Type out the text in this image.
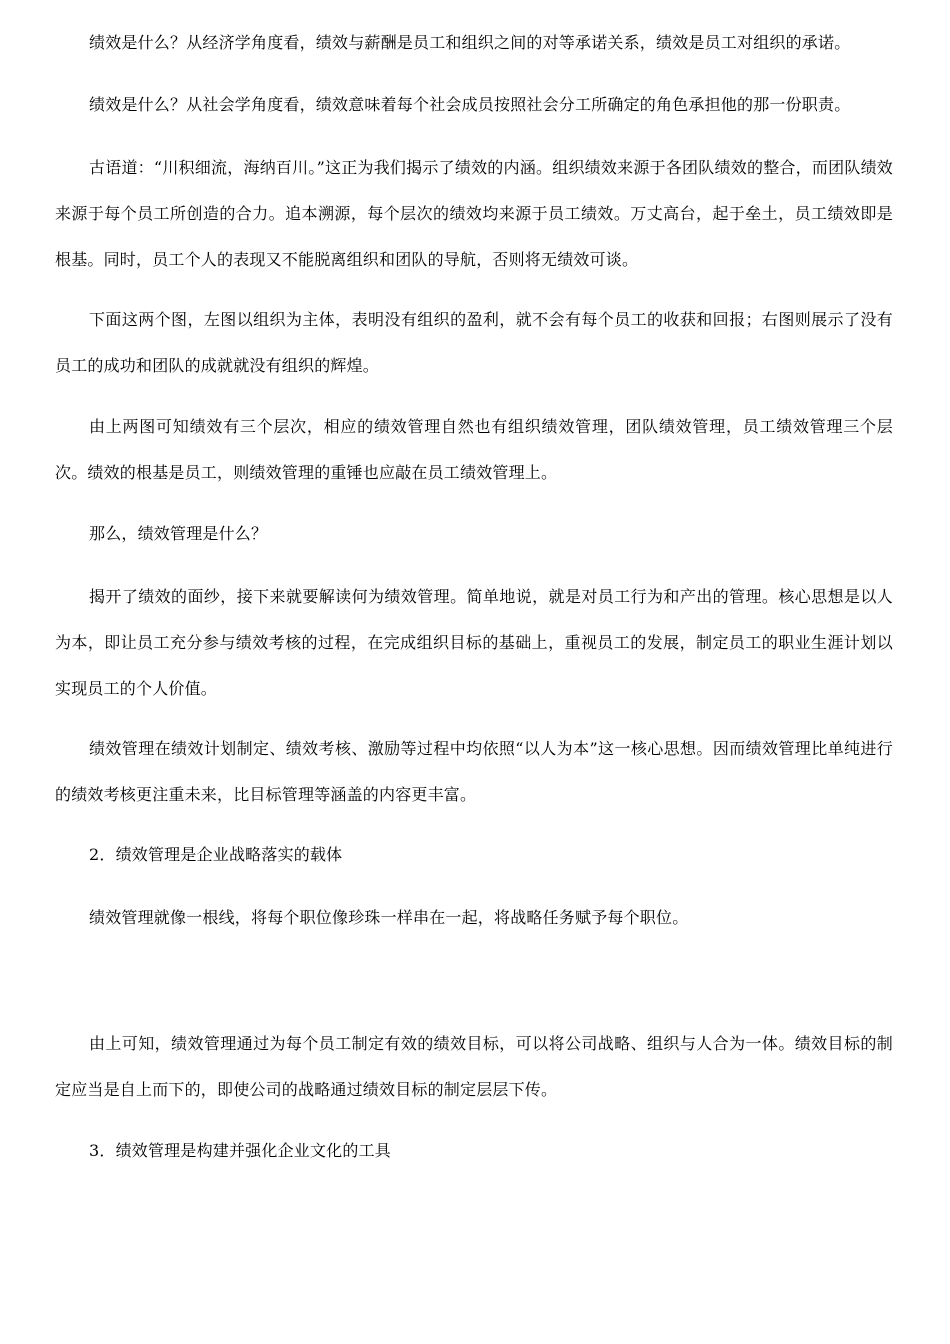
绩效是什么？从经济学角度看，绩效与薪酬是员工和组织之间的对等承诺关系，绩效是员工对组织的承诺。

绩效是什么？从社会学角度看，绩效意味着每个社会成员按照社会分工所确定的角色承担他的那一份职责。

古语道：“川积细流，海纳百川。”这正为我们揭示了绩效的内涵。组织绩效来源于各团队绩效的整合，而团队绩效来源于每个员工所创造的合力。追本溯源，每个层次的绩效均来源于员工绩效。万丈高台，起于垒土，员工绩效即是根基。同时，员工个人的表现又不能脱离组织和团队的导航，否则将无绩效可谈。

下面这两个图，左图以组织为主体，表明没有组织的盈利，就不会有每个员工的收获和回报；右图则展示了没有员工的成功和团队的成就就没有组织的辉煌。

由上两图可知绩效有三个层次，相应的绩效管理自然也有组织绩效管理，团队绩效管理，员工绩效管理三个层次。绩效的根基是员工，则绩效管理的重锤也应敲在员工绩效管理上。

那么，绩效管理是什么？

揭开了绩效的面纱，接下来就要解读何为绩效管理。简单地说，就是对员工行为和产出的管理。核心思想是以人为本，即让员工充分参与绩效考核的过程，在完成组织目标的基础上，重视员工的发展，制定员工的职业生涯计划以实现员工的个人价值。

绩效管理在绩效计划制定、绩效考核、激励等过程中均依照“以人为本”这一核心思想。因而绩效管理比单纯进行的绩效考核更注重未来，比目标管理等涵盖的内容更丰富。

2．绩效管理是企业战略落实的载体

绩效管理就像一根线，将每个职位像珍珠一样串在一起，将战略任务赋予每个职位。

由上可知，绩效管理通过为每个员工制定有效的绩效目标，可以将公司战略、组织与人合为一体。绩效目标的制定应当是自上而下的，即使公司的战略通过绩效目标的制定层层下传。

3．绩效管理是构建并强化企业文化的工具
